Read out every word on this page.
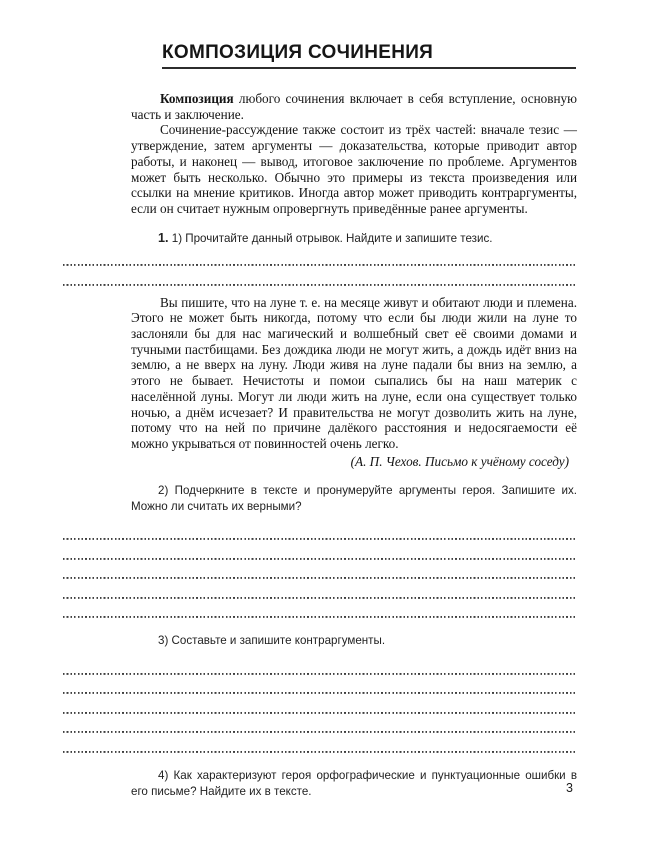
КОМПОЗИЦИЯ СОЧИНЕНИЯ

Композиция любого сочинения включает в себя вступление, основную часть и заключение.

Сочинение-рассуждение также состоит из трёх частей: вначале тезис — утверждение, затем аргументы — доказательства, которые приводит автор работы, и наконец — вывод, итоговое заключение по проблеме. Аргументов может быть несколько. Обычно это примеры из текста произведения или ссылки на мнение критиков. Иногда автор может приводить контраргументы, если он считает нужным опровергнуть приведённые ранее аргументы.

1. 1) Прочитайте данный отрывок. Найдите и запишите тезис.

Вы пишите, что на луне т. е. на месяце живут и обитают люди и племена. Этого не может быть никогда, потому что если бы люди жили на луне то заслоняли бы для нас магический и волшебный свет её своими домами и тучными пастбищами. Без дождика люди не могут жить, а дождь идёт вниз на землю, а не вверх на луну. Люди живя на луне падали бы вниз на землю, а этого не бывает. Нечистоты и помои сыпались бы на наш материк с населённой луны. Могут ли люди жить на луне, если она существует только ночью, а днём исчезает? И правительства не могут дозволить жить на луне, потому что на ней по причине далёкого расстояния и недосягаемости её можно укрываться от повинностей очень легко.

(А. П. Чехов. Письмо к учёному соседу)

2) Подчеркните в тексте и пронумеруйте аргументы героя. Запишите их. Можно ли считать их верными?

3) Составьте и запишите контраргументы.

4) Как характеризуют героя орфографические и пунктуационные ошибки в его письме? Найдите их в тексте.	3
